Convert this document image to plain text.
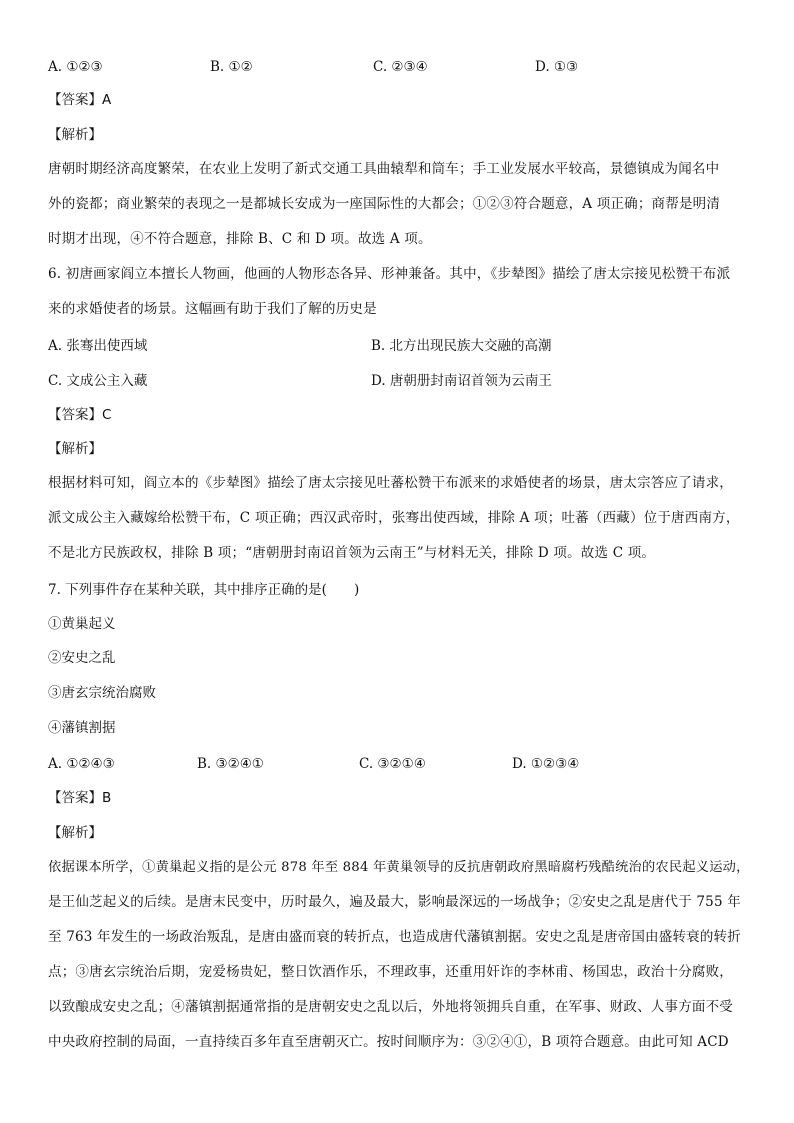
A. ①②③	B. ①②	C. ②③④	D. ①③
【答案】A
【解析】
唐朝时期经济高度繁荣，在农业上发明了新式交通工具曲辕犁和筒车；手工业发展水平较高，景德镇成为闻名中
外的瓷都；商业繁荣的表现之一是都城长安成为一座国际性的大都会；①②③符合题意，A 项正确；商帮是明清
时期才出现，④不符合题意，排除 B、C 和 D 项。故选 A 项。
6. 初唐画家阎立本擅长人物画，他画的人物形态各异、形神兼备。其中，《步辇图》描绘了唐太宗接见松赞干布派
来的求婚使者的场景。这幅画有助于我们了解的历史是
A. 张骞出使西域	B. 北方出现民族大交融的高潮
C. 文成公主入藏	D. 唐朝册封南诏首领为云南王
【答案】C
【解析】
根据材料可知，阎立本的《步辇图》描绘了唐太宗接见吐蕃松赞干布派来的求婚使者的场景，唐太宗答应了请求，
派文成公主入藏嫁给松赞干布，C 项正确；西汉武帝时，张骞出使西域，排除 A 项；吐蕃（西藏）位于唐西南方，
不是北方民族政权，排除 B 项；“唐朝册封南诏首领为云南王”与材料无关，排除 D 项。故选 C 项。
7. 下列事件存在某种关联，其中排序正确的是(　　)
①黄巢起义
②安史之乱
③唐玄宗统治腐败
④藩镇割据
A. ①②④③	B. ③②④①	C. ③②①④	D. ①②③④
【答案】B
【解析】
依据课本所学，①黄巢起义指的是公元 878 年至 884 年黄巢领导的反抗唐朝政府黑暗腐朽残酷统治的农民起义运动，
是王仙芝起义的后续。是唐末民变中，历时最久，遍及最大，影响最深远的一场战争；②安史之乱是唐代于 755 年
至 763 年发生的一场政治叛乱，是唐由盛而衰的转折点，也造成唐代藩镇割据。安史之乱是唐帝国由盛转衰的转折
点；③唐玄宗统治后期，宠爱杨贵妃，整日饮酒作乐，不理政事，还重用奸诈的李林甫、杨国忠，政治十分腐败，
以致酿成安史之乱；④藩镇割据通常指的是唐朝安史之乱以后，外地将领拥兵自重，在军事、财政、人事方面不受
中央政府控制的局面，一直持续百多年直至唐朝灭亡。按时间顺序为：③②④①，B 项符合题意。由此可知 ACD
